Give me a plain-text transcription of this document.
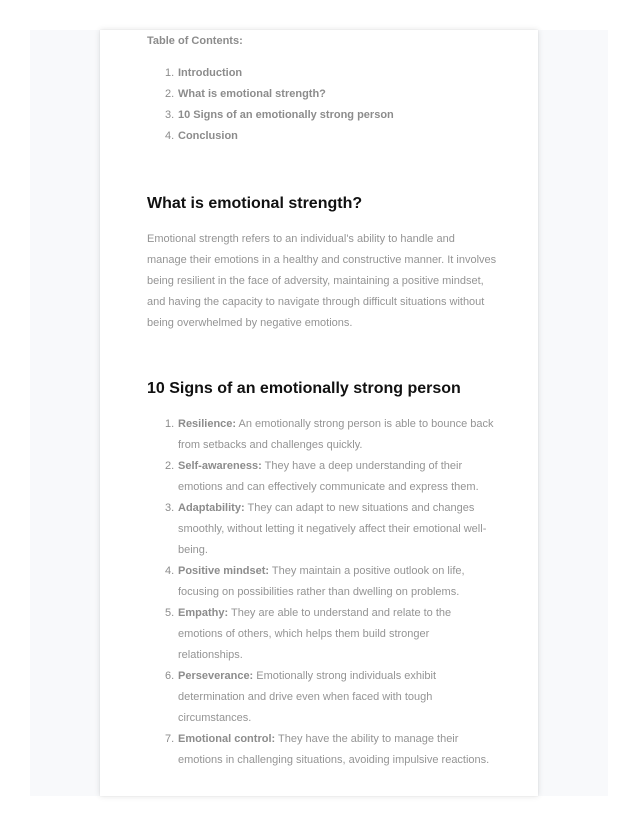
Table of Contents:

1. Introduction
2. What is emotional strength?
3. 10 Signs of an emotionally strong person
4. Conclusion
What is emotional strength?

Emotional strength refers to an individual's ability to handle and manage their emotions in a healthy and constructive manner. It involves being resilient in the face of adversity, maintaining a positive mindset, and having the capacity to navigate through difficult situations without being overwhelmed by negative emotions.

10 Signs of an emotionally strong person
1. Resilience: An emotionally strong person is able to bounce back from setbacks and challenges quickly.
2. Self-awareness: They have a deep understanding of their emotions and can effectively communicate and express them.
3. Adaptability: They can adapt to new situations and changes smoothly, without letting it negatively affect their emotional well-being.
4. Positive mindset: They maintain a positive outlook on life, focusing on possibilities rather than dwelling on problems.
5. Empathy: They are able to understand and relate to the emotions of others, which helps them build stronger relationships.
6. Perseverance: Emotionally strong individuals exhibit determination and drive even when faced with tough circumstances.
7. Emotional control: They have the ability to manage their emotions in challenging situations, avoiding impulsive reactions.
